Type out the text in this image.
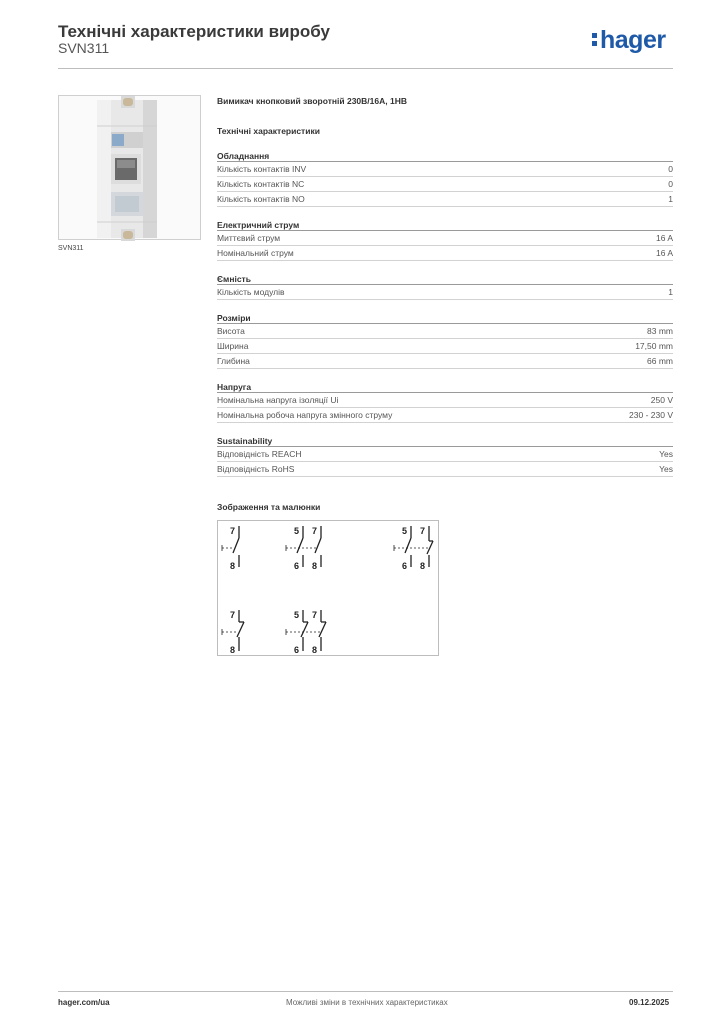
Технічні характеристики виробу
SVN311	hager
SVN311
Вимикач кнопковий зворотній 230В/16А, 1НВ
Технічні характеристики
Обладнання
Кількість контактів INV	0
Кількість контактів NC	0
Кількість контактів NO	1
Електричний струм
Миттєвий струм	16 A
Номінальний струм	16 A
Ємність
Кількість модулів	1
Розміри
Висота	83 mm
Ширина	17,50 mm
Глибина	66 mm
Напруга
Номінальна напруга ізоляції Ui	250 V
Номінальна робоча напруга змінного струму	230 - 230 V
Sustainability
Відповідність REACH	Yes
Відповідність RoHS	Yes
Зображення та малюнки
7
8
5 7
6 8
5 7
6 8
7
8
5 7
6 8
hager.com/ua	Можливі зміни в технічних характеристиках	09.12.2025
